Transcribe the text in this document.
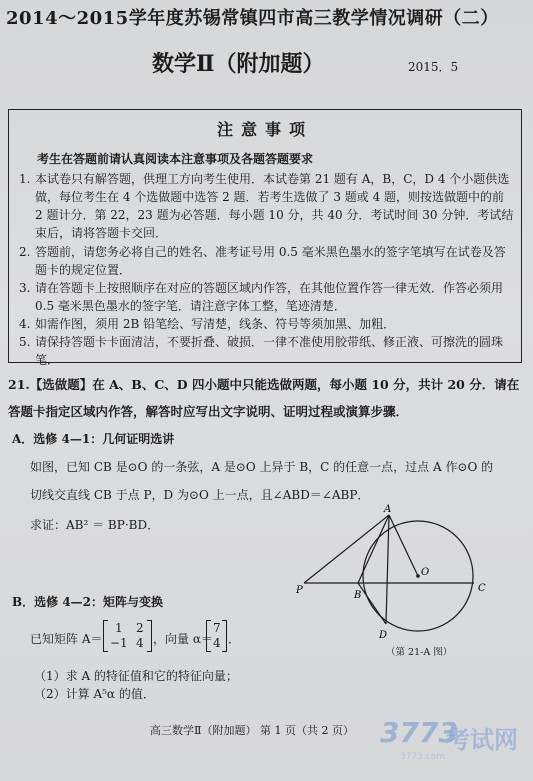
2014～2015学年度苏锡常镇四市高三教学情况调研（二）
数学Ⅱ（附加题）	2015．5
注意事项
考生在答题前请认真阅读本注意事项及各题答题要求
1. 本试卷只有解答题，供理工方向考生使用．本试卷第 21 题有 A，B，C，D 4 个小题供选做，每位考生在 4 个选做题中选答 2 题．若考生选做了 3 题或 4 题，则按选做题中的前 2 题计分．第 22，23 题为必答题．每小题 10 分，共 40 分．考试时间 30 分钟．考试结束后，请将答题卡交回．
2. 答题前，请您务必将自己的姓名、准考证号用 0.5 毫米黑色墨水的签字笔填写在试卷及答题卡的规定位置．
3. 请在答题卡上按照顺序在对应的答题区域内作答，在其他位置作答一律无效．作答必须用 0.5 毫米黑色墨水的签字笔．请注意字体工整，笔迹清楚．
4. 如需作图，须用 2B 铅笔绘、写清楚，线条、符号等须加黑、加粗．
5. 请保持答题卡卡面清洁，不要折叠、破损．一律不准使用胶带纸、修正液、可擦洗的圆珠笔．
21.【选做题】在 A、B、C、D 四小题中只能选做两题，每小题 10 分，共计 20 分．请在答题卡指定区域内作答，解答时应写出文字说明、证明过程或演算步骤．
A．选修 4—1：几何证明选讲
如图，已知 CB 是⊙O 的一条弦，A 是⊙O 上异于 B，C 的任意一点，过点 A 作⊙O 的
切线交直线 CB 于点 P，D 为⊙O 上一点，且∠ABD＝∠ABP．
求证：AB² ＝ BP·BD．
A
P	B
O
C
D
（第 21-A 图）
B．选修 4—2：矩阵与变换
已知矩阵 A＝
1 2
−1 4 ，向量 α＝
7
4 ．
（1）求 A 的特征值和它的特征向量；
（2）计算 A⁵α 的值．
高三数学Ⅱ（附加题） 第 1 页（共 2 页） 3773
考试网
3773.com
